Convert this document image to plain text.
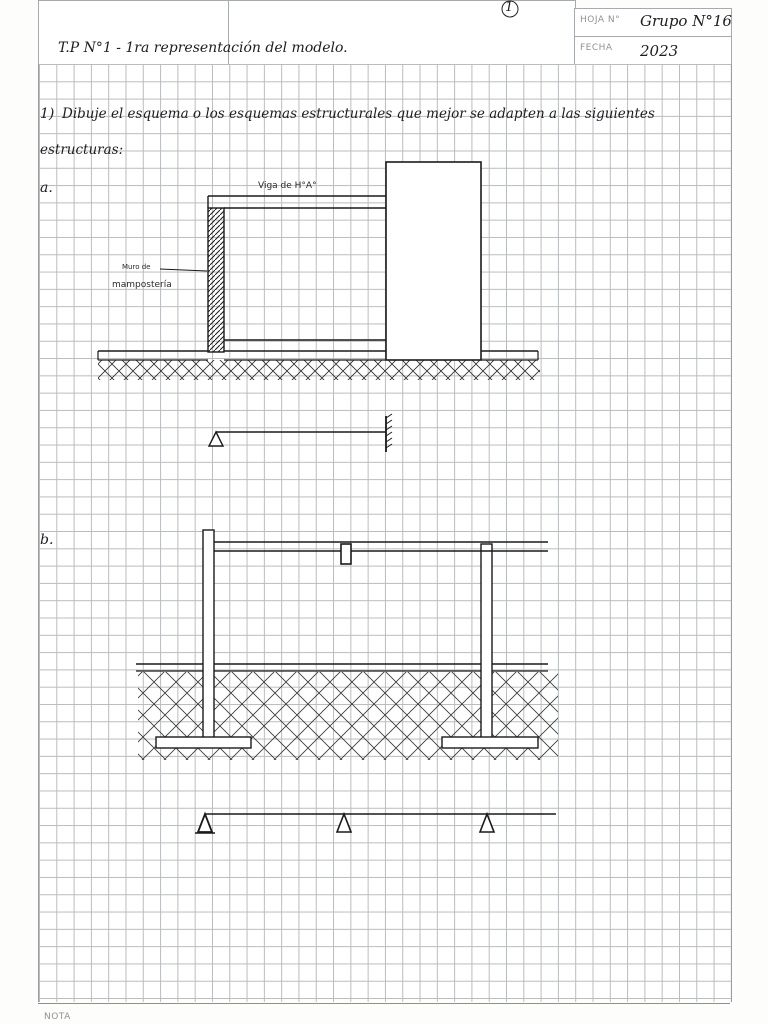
1
HOJA N° Grupo N°16
FECHA 2023
T.P N°1 - 1ra representación del modelo.
NOTA
1) Dibuje el esquema o los esquemas estructurales que mejor se adapten a las siguientes
estructuras:
a.	Viga de H°A°
Muro de
mampostería
b.
